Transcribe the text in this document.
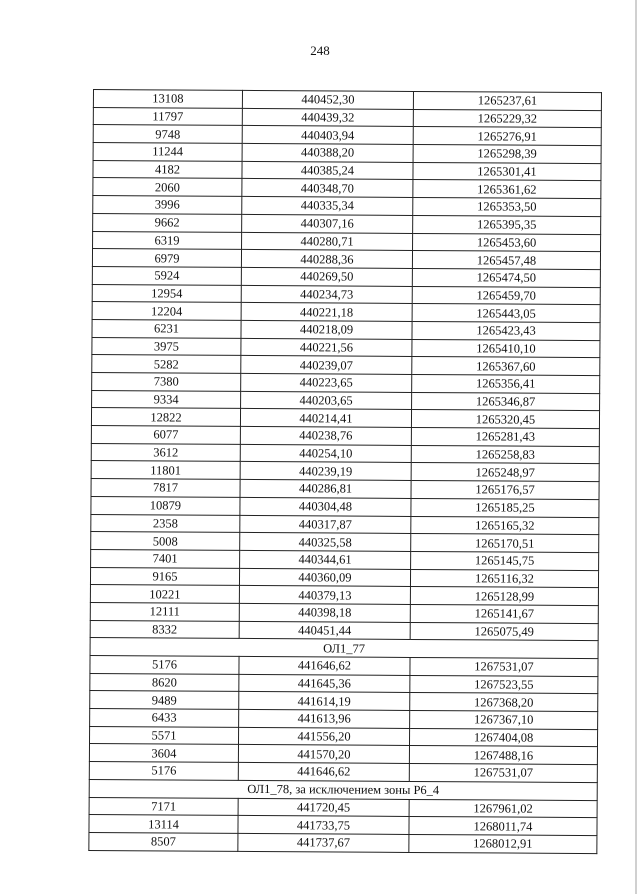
248
13108	440452,30	1265237,61
11797	440439,32	1265229,32
9748	440403,94	1265276,91
11244	440388,20	1265298,39
4182	440385,24	1265301,41
2060	440348,70	1265361,62
3996	440335,34	1265353,50
9662	440307,16	1265395,35
6319	440280,71	1265453,60
6979	440288,36	1265457,48
5924	440269,50	1265474,50
12954	440234,73	1265459,70
12204	440221,18	1265443,05
6231	440218,09	1265423,43
3975	440221,56	1265410,10
5282	440239,07	1265367,60
7380	440223,65	1265356,41
9334	440203,65	1265346,87
12822	440214,41	1265320,45
6077	440238,76	1265281,43
3612	440254,10	1265258,83
11801	440239,19	1265248,97
7817	440286,81	1265176,57
10879	440304,48	1265185,25
2358	440317,87	1265165,32
5008	440325,58	1265170,51
7401	440344,61	1265145,75
9165	440360,09	1265116,32
10221	440379,13	1265128,99
12111	440398,18	1265141,67
8332	440451,44	1265075,49
ОЛ1_77		
5176	441646,62	1267531,07
8620	441645,36	1267523,55
9489	441614,19	1267368,20
6433	441613,96	1267367,10
5571	441556,20	1267404,08
3604	441570,20	1267488,16
5176	441646,62	1267531,07
ОЛ1_78, за исключением зоны Р6_4		
7171	441720,45	1267961,02
13114	441733,75	1268011,74
8507	441737,67	1268012,91
